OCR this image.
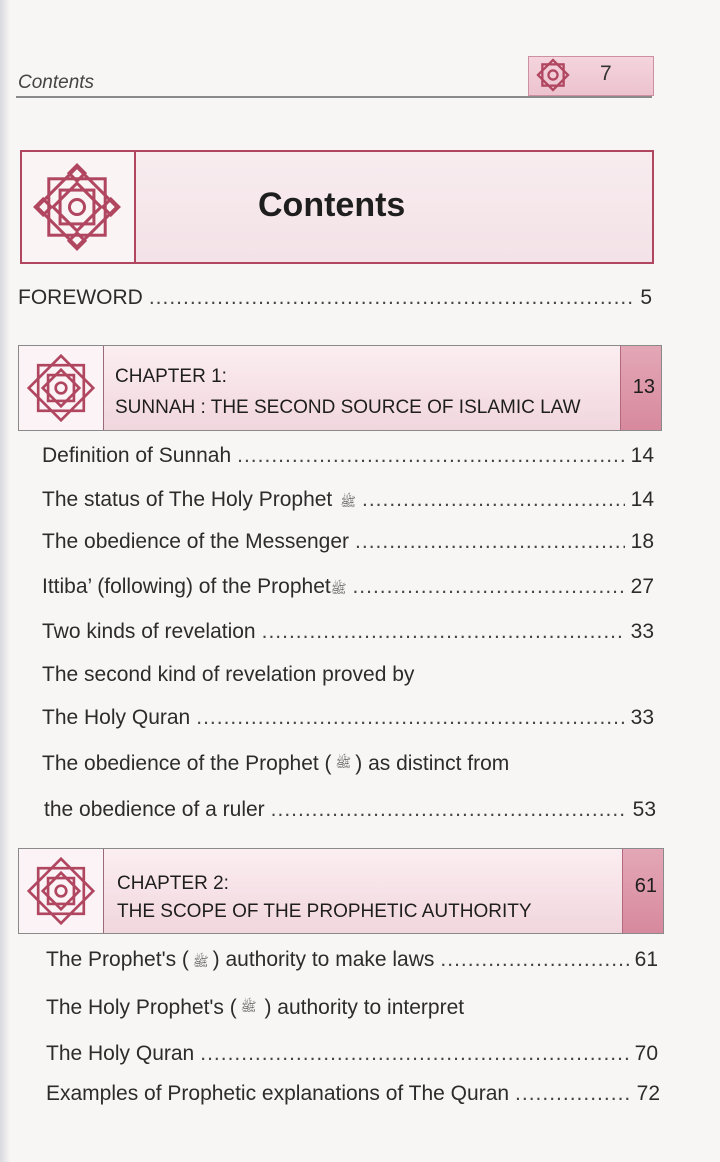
Contents	7
Contents
FOREWORD .....	5
CHAPTER 1:
SUNNAH : THE SECOND SOURCE OF ISLAMIC LAW
13
Definition of Sunnah .....	14
The status of The Holy Prophet ﷺ .....	14
The obedience of the Messenger .....	18
Ittiba’ (following) of the Prophet ﷺ .....	27
Two kinds of revelation .....	33
The second kind of revelation proved by
The Holy Quran .....	33
The obedience of the Prophet ( ﷺ ) as distinct from
the obedience of a ruler .....	53
CHAPTER 2:
THE SCOPE OF THE PROPHETIC AUTHORITY
61
The Prophet's ( ﷺ ) authority to make laws .....	61
The Holy Prophet's ( ﷺ ) authority to interpret
The Holy Quran .....	70
Examples of Prophetic explanations of The Quran .....	72
